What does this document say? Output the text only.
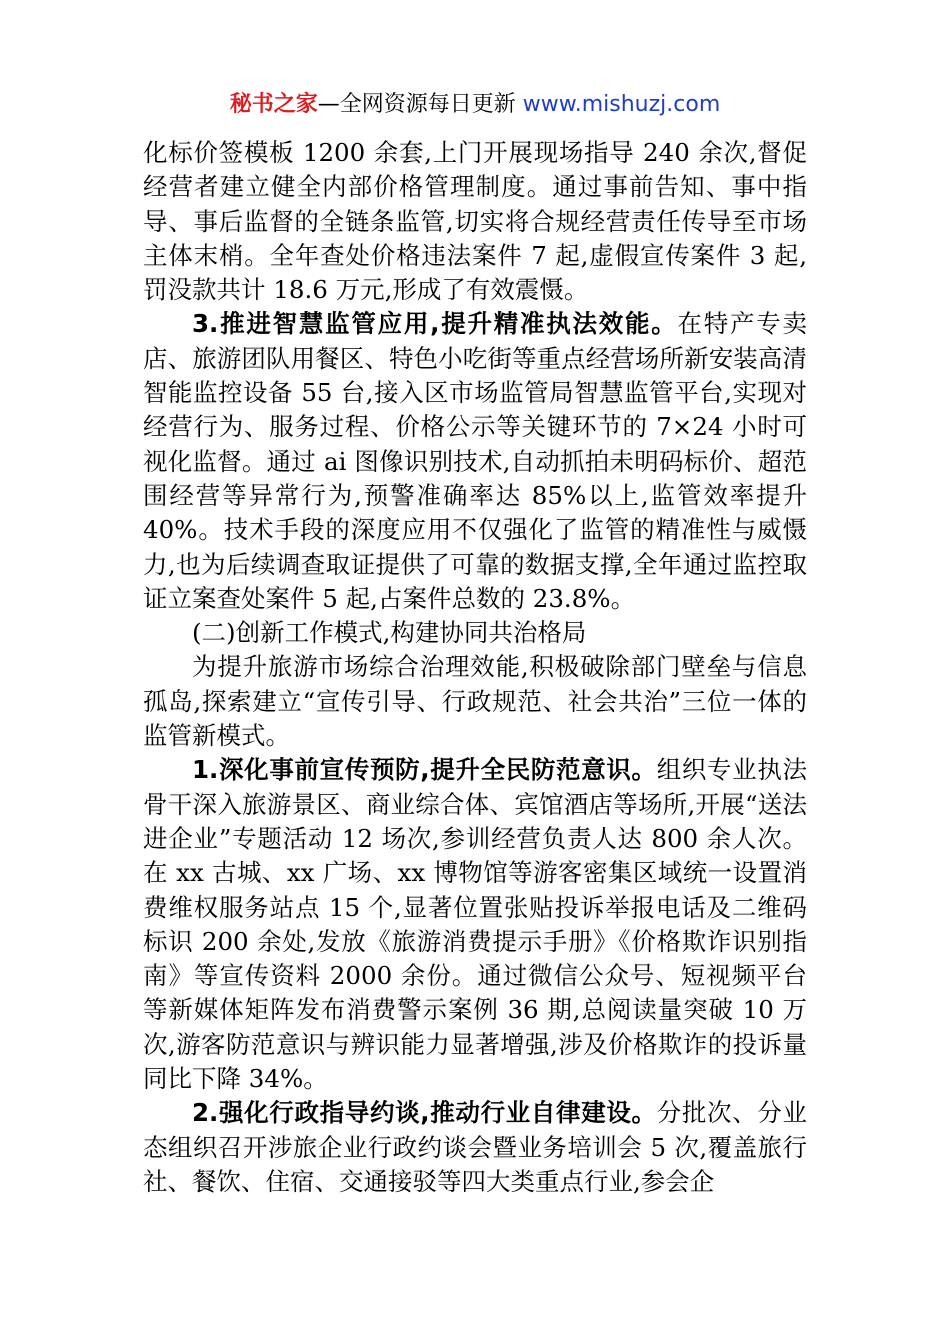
秘书之家—全网资源每日更新 www.mishuzj.com

化标价签模板 1200 余套,上门开展现场指导 240 余次,督促经营者建立健全内部价格管理制度。通过事前告知、事中指导、事后监督的全链条监管,切实将合规经营责任传导至市场主体末梢。全年查处价格违法案件 7 起,虚假宣传案件 3 起,罚没款共计 18.6 万元,形成了有效震慑。

3.推进智慧监管应用,提升精准执法效能。在特产专卖店、旅游团队用餐区、特色小吃街等重点经营场所新安装高清智能监控设备 55 台,接入区市场监管局智慧监管平台,实现对经营行为、服务过程、价格公示等关键环节的 7×24 小时可视化监督。通过 ai 图像识别技术,自动抓拍未明码标价、超范围经营等异常行为,预警准确率达 85%以上,监管效率提升 40%。技术手段的深度应用不仅强化了监管的精准性与威慑力,也为后续调查取证提供了可靠的数据支撑,全年通过监控取证立案查处案件 5 起,占案件总数的 23.8%。

(二)创新工作模式,构建协同共治格局

为提升旅游市场综合治理效能,积极破除部门壁垒与信息孤岛,探索建立“宣传引导、行政规范、社会共治”三位一体的监管新模式。

1.深化事前宣传预防,提升全民防范意识。组织专业执法骨干深入旅游景区、商业综合体、宾馆酒店等场所,开展“送法进企业”专题活动 12 场次,参训经营负责人达 800 余人次。在 xx 古城、xx 广场、xx 博物馆等游客密集区域统一设置消费维权服务站点 15 个,显著位置张贴投诉举报电话及二维码标识 200 余处,发放《旅游消费提示手册》《价格欺诈识别指南》等宣传资料 2000 余份。通过微信公众号、短视频平台等新媒体矩阵发布消费警示案例 36 期,总阅读量突破 10 万次,游客防范意识与辨识能力显著增强,涉及价格欺诈的投诉量同比下降 34%。

2.强化行政指导约谈,推动行业自律建设。分批次、分业态组织召开涉旅企业行政约谈会暨业务培训会 5 次,覆盖旅行社、餐饮、住宿、交通接驳等四大类重点行业,参会企
